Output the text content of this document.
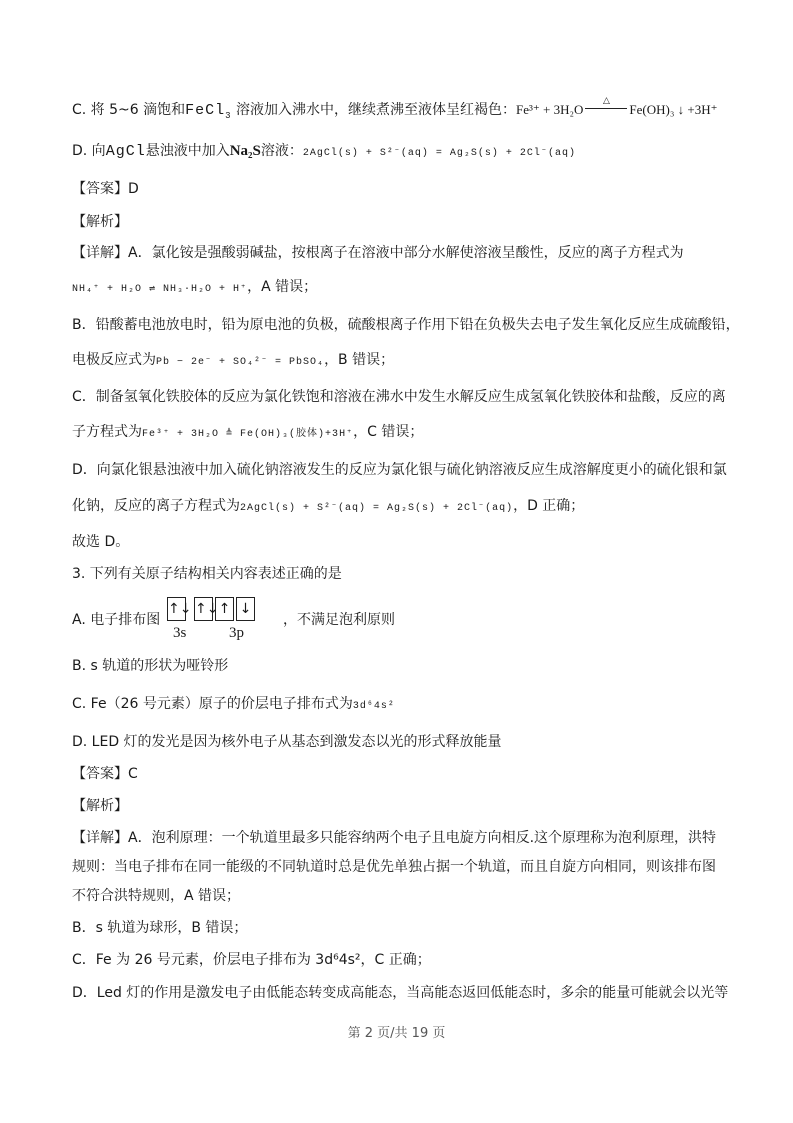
C. 将 5~6 滴饱和FeCl$_3$ 溶液加入沸水中，继续煮沸至液体呈红褐色：Fe³⁺ + 3H₂O
△
Fe(OH)₃ ↓ +3H⁺
D. 向AgCl悬浊液中加入Na₂S溶液：2AgCl(s) + S²⁻(aq) = Ag₂S(s) + 2Cl⁻(aq)
【答案】D
【解析】
【详解】A．氯化铵是强酸弱碱盐，按根离子在溶液中部分水解使溶液呈酸性，反应的离子方程式为
NH₄⁺ + H₂O ⇌ NH₃·H₂O + H⁺，A 错误；
B．铅酸蓄电池放电时，铅为原电池的负极，硫酸根离子作用下铅在负极失去电子发生氧化反应生成硫酸铅，
电极反应式为Pb − 2e⁻ + SO₄²⁻ = PbSO₄，B 错误；
C．制备氢氧化铁胶体的反应为氯化铁饱和溶液在沸水中发生水解反应生成氢氧化铁胶体和盐酸，反应的离
子方程式为Fe³⁺ + 3H₂O ≜ Fe(OH)₃(胶体)+3H⁺，C 错误；
D．向氯化银悬浊液中加入硫化钠溶液发生的反应为氯化银与硫化钠溶液反应生成溶解度更小的硫化银和氯
化钠，反应的离子方程式为2AgCl(s) + S²⁻(aq) = Ag₂S(s) + 2Cl⁻(aq)，D 正确；
故选 D。
3. 下列有关原子结构相关内容表述正确的是
A. 电子排布图
↑↓ ↑↓↑ ↓
3s	3p
，不满足泡利原则
B. s 轨道的形状为哑铃形
C. Fe（26 号元素）原子的价层电子排布式为3d⁶4s²
D. LED 灯的发光是因为核外电子从基态到激发态以光的形式释放能量
【答案】C
【解析】
【详解】A．泡利原理：一个轨道里最多只能容纳两个电子且电旋方向相反.这个原理称为泡利原理，洪特
规则：当电子排布在同一能级的不同轨道时总是优先单独占据一个轨道，而且自旋方向相同，则该排布图
不符合洪特规则，A 错误；
B．s 轨道为球形，B 错误；
C．Fe 为 26 号元素，价层电子排布为 3d⁶4s²，C 正确；
D．Led 灯的作用是激发电子由低能态转变成高能态，当高能态返回低能态时，多余的能量可能就会以光等
第 2 页/共 19 页
